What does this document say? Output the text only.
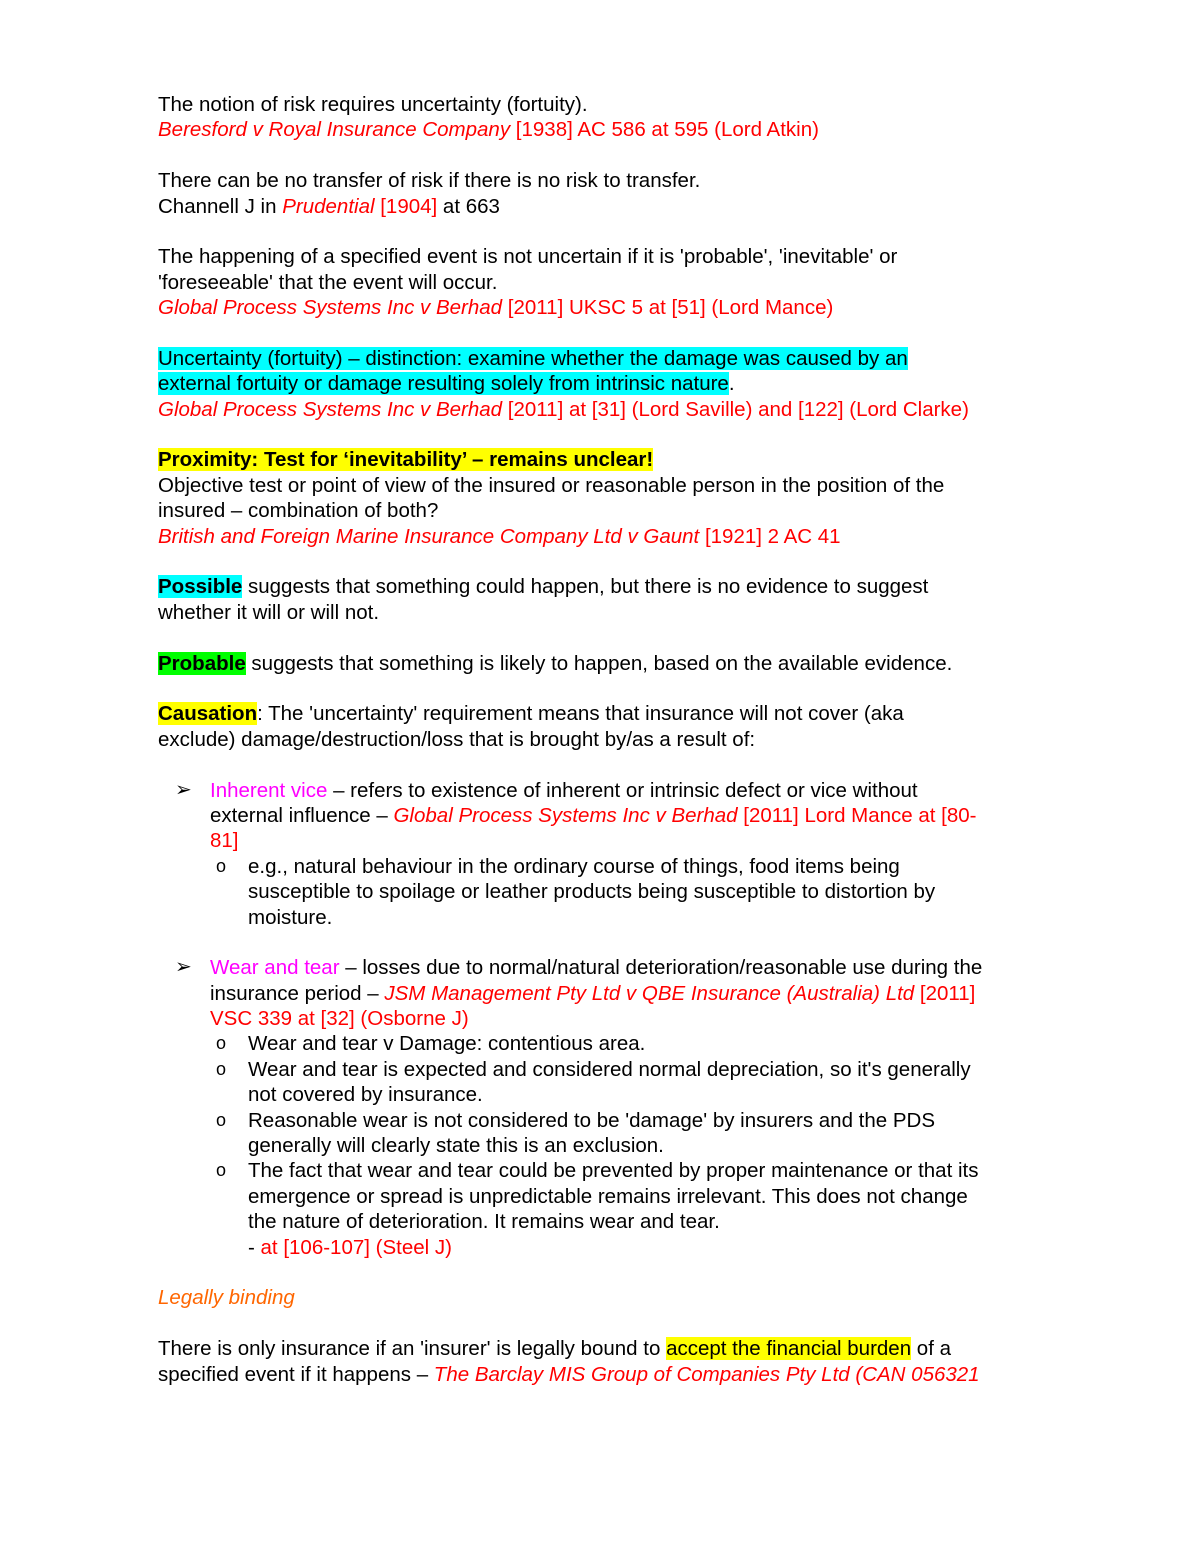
The notion of risk requires uncertainty (fortuity).
Beresford v Royal Insurance Company [1938] AC 586 at 595 (Lord Atkin)
There can be no transfer of risk if there is no risk to transfer.
Channell J in Prudential [1904] at 663
The happening of a specified event is not uncertain if it is 'probable', 'inevitable' or
'foreseeable' that the event will occur.
Global Process Systems Inc v Berhad [2011] UKSC 5 at [51] (Lord Mance)
Uncertainty (fortuity) – distinction: examine whether the damage was caused by an
external fortuity or damage resulting solely from intrinsic nature.
Global Process Systems Inc v Berhad [2011] at [31] (Lord Saville) and [122] (Lord Clarke)
Proximity: Test for ‘inevitability’ – remains unclear!
Objective test or point of view of the insured or reasonable person in the position of the
insured – combination of both?
British and Foreign Marine Insurance Company Ltd v Gaunt [1921] 2 AC 41
Possible suggests that something could happen, but there is no evidence to suggest
whether it will or will not.
Probable suggests that something is likely to happen, based on the available evidence.
Causation: The 'uncertainty' requirement means that insurance will not cover (aka
exclude) damage/destruction/loss that is brought by/as a result of:
➢ Inherent vice – refers to existence of inherent or intrinsic defect or vice without
external influence – Global Process Systems Inc v Berhad [2011] Lord Mance at [80-
81]
o e.g., natural behaviour in the ordinary course of things, food items being
susceptible to spoilage or leather products being susceptible to distortion by
moisture.
➢ Wear and tear – losses due to normal/natural deterioration/reasonable use during the
insurance period – JSM Management Pty Ltd v QBE Insurance (Australia) Ltd [2011]
VSC 339 at [32] (Osborne J)
o Wear and tear v Damage: contentious area.
o Wear and tear is expected and considered normal depreciation, so it's generally
not covered by insurance.
o Reasonable wear is not considered to be 'damage' by insurers and the PDS
generally will clearly state this is an exclusion.
o The fact that wear and tear could be prevented by proper maintenance or that its
emergence or spread is unpredictable remains irrelevant. This does not change
the nature of deterioration. It remains wear and tear.
- at [106-107] (Steel J)
Legally binding
There is only insurance if an 'insurer' is legally bound to accept the financial burden of a
specified event if it happens – The Barclay MIS Group of Companies Pty Ltd (CAN 056321
